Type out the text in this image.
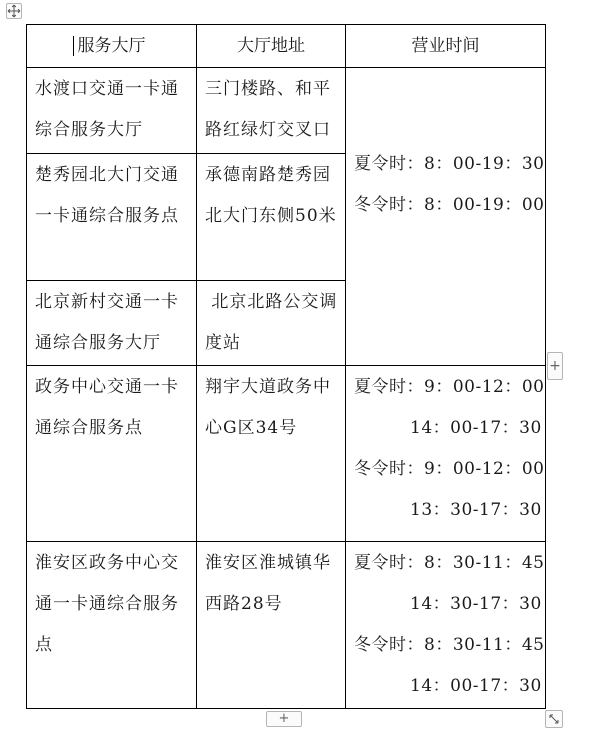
服务大厅	大厅地址	营业时间

水渡口交通一卡通综合服务大厅	三门楼路、和平路红绿灯交叉口	夏令时：8：00-19：30
冬令时：8：00-19：00

楚秀园北大门交通一卡通综合服务点	承德南路楚秀园北大门东侧50米	

北京新村交通一卡通综合服务大厅	北京北路公交调度站	

政务中心交通一卡通综合服务点	翔宇大道政务中心G区34号	夏令时：9：00-12：00
14：00-17：30
冬令时：9：00-12：00
13：30-17：30

淮安区政务中心交通一卡通综合服务点	淮安区淮城镇华西路28号	夏令时：8：30-11：45
14：30-17：30
冬令时：8：30-11：45
14：00-17：30
+
+
